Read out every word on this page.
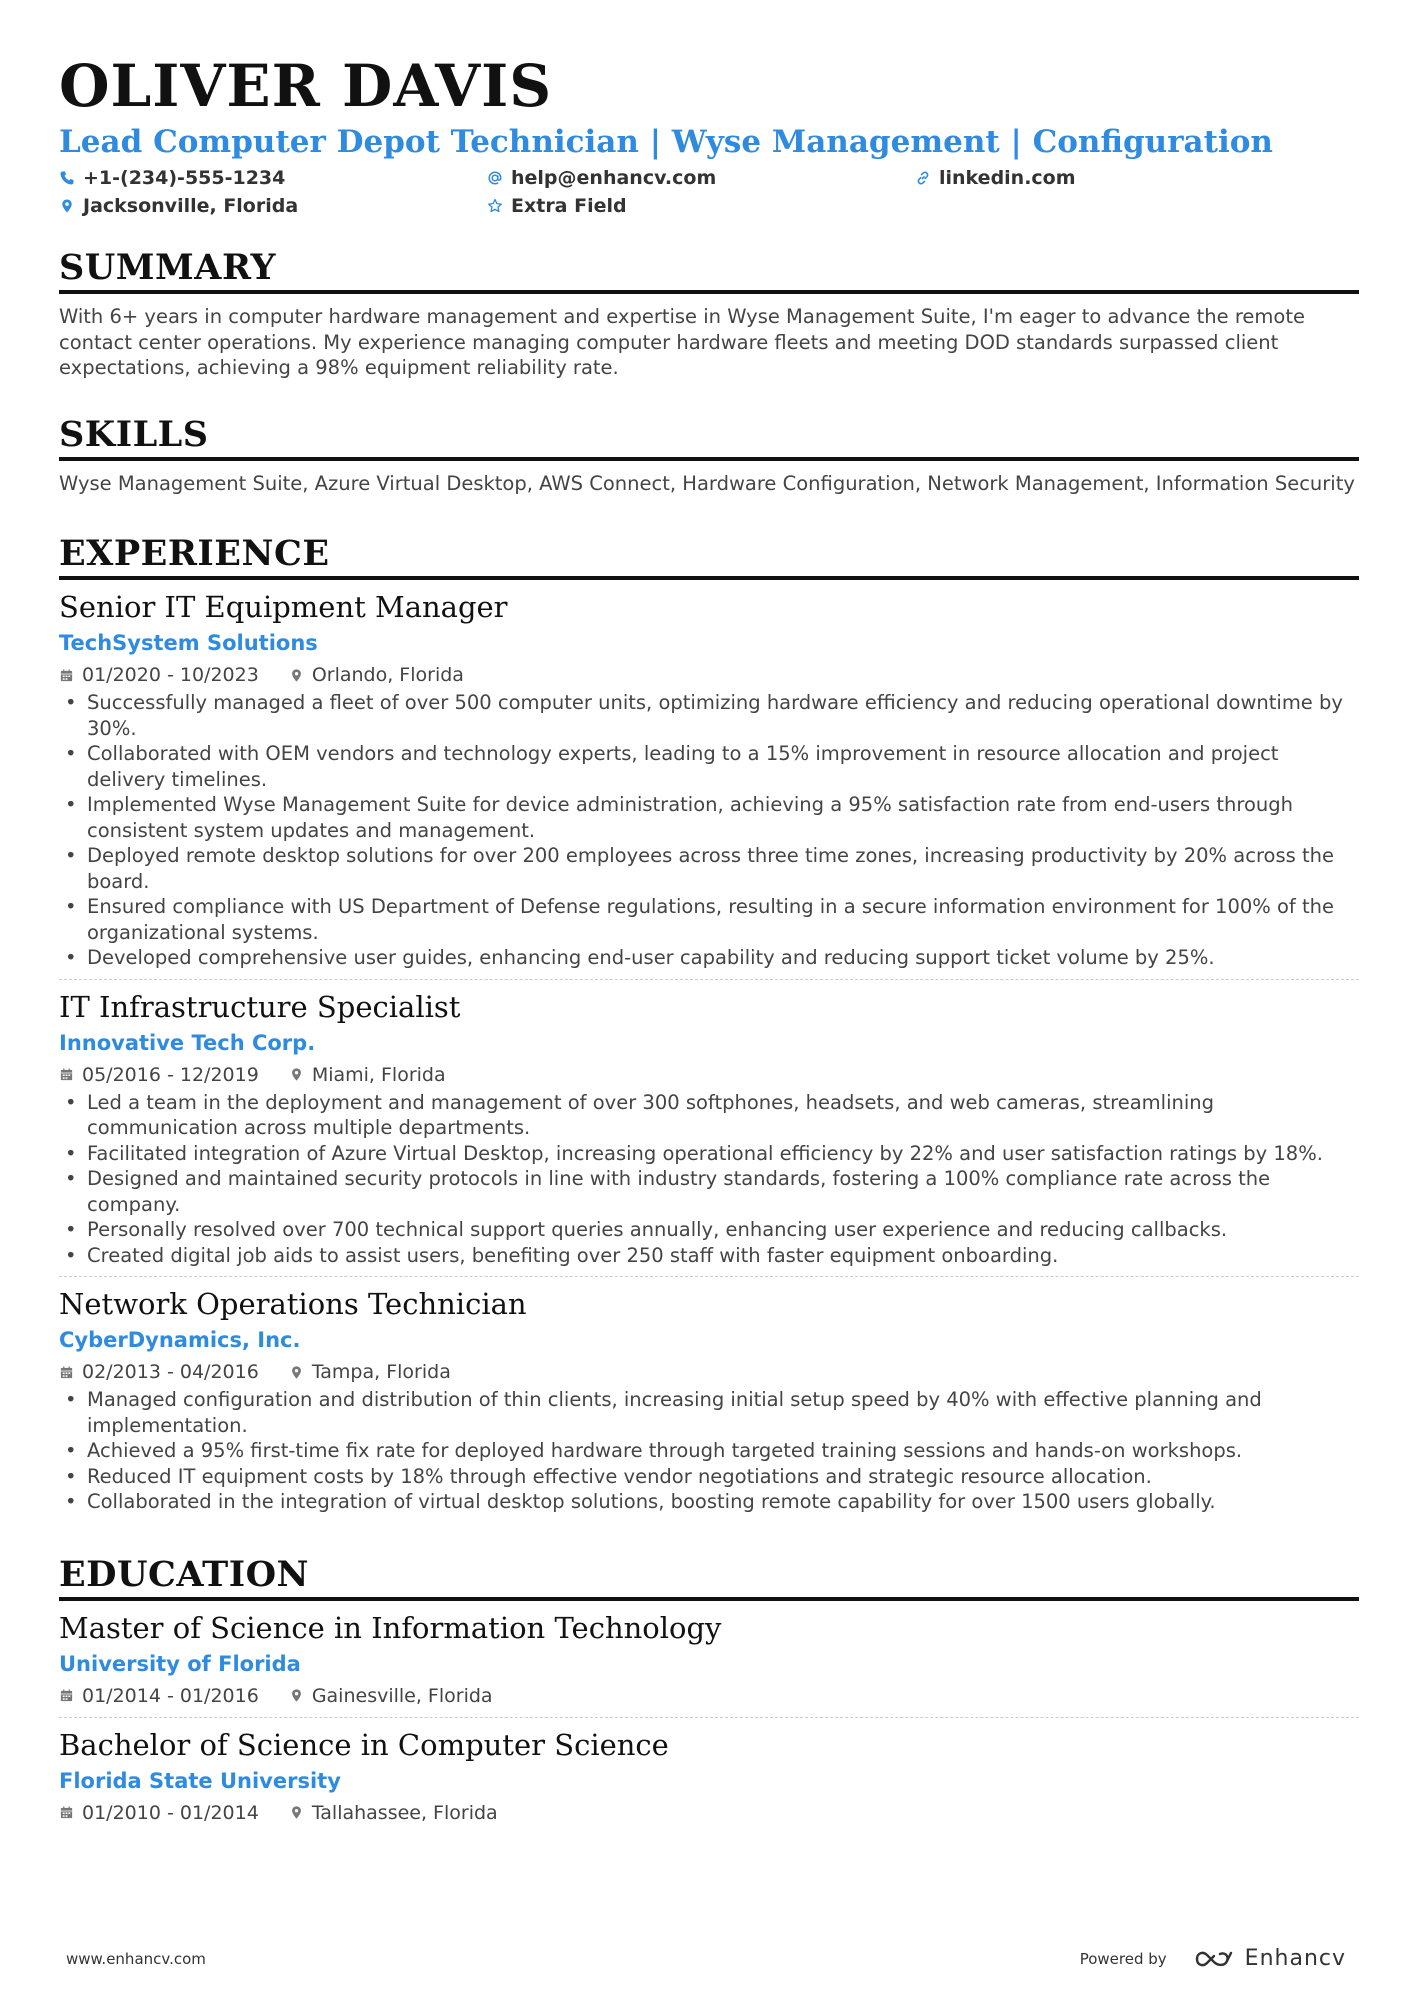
OLIVER DAVIS
Lead Computer Depot Technician | Wyse Management | Configuration
+1-(234)-555-1234	help@enhancv.com	linkedin.com
Jacksonville, Florida	Extra Field
SUMMARY
With 6+ years in computer hardware management and expertise in Wyse Management Suite, I'm eager to advance the remote contact center operations. My experience managing computer hardware fleets and meeting DOD standards surpassed client expectations, achieving a 98% equipment reliability rate.
SKILLS
Wyse Management Suite, Azure Virtual Desktop, AWS Connect, Hardware Configuration, Network Management, Information Security
EXPERIENCE
Senior IT Equipment Manager
TechSystem Solutions
01/2020 - 10/2023	Orlando, Florida
• Successfully managed a fleet of over 500 computer units, optimizing hardware efficiency and reducing operational downtime by 30%.
• Collaborated with OEM vendors and technology experts, leading to a 15% improvement in resource allocation and project delivery timelines.
• Implemented Wyse Management Suite for device administration, achieving a 95% satisfaction rate from end-users through consistent system updates and management.
• Deployed remote desktop solutions for over 200 employees across three time zones, increasing productivity by 20% across the board.
• Ensured compliance with US Department of Defense regulations, resulting in a secure information environment for 100% of the organizational systems.
• Developed comprehensive user guides, enhancing end-user capability and reducing support ticket volume by 25%.
IT Infrastructure Specialist
Innovative Tech Corp.
05/2016 - 12/2019	Miami, Florida
• Led a team in the deployment and management of over 300 softphones, headsets, and web cameras, streamlining communication across multiple departments.
• Facilitated integration of Azure Virtual Desktop, increasing operational efficiency by 22% and user satisfaction ratings by 18%.
• Designed and maintained security protocols in line with industry standards, fostering a 100% compliance rate across the company.
• Personally resolved over 700 technical support queries annually, enhancing user experience and reducing callbacks.
• Created digital job aids to assist users, benefiting over 250 staff with faster equipment onboarding.
Network Operations Technician
CyberDynamics, Inc.
02/2013 - 04/2016	Tampa, Florida
• Managed configuration and distribution of thin clients, increasing initial setup speed by 40% with effective planning and implementation.
• Achieved a 95% first-time fix rate for deployed hardware through targeted training sessions and hands-on workshops.
• Reduced IT equipment costs by 18% through effective vendor negotiations and strategic resource allocation.
• Collaborated in the integration of virtual desktop solutions, boosting remote capability for over 1500 users globally.
EDUCATION
Master of Science in Information Technology
University of Florida
01/2014 - 01/2016	Gainesville, Florida
Bachelor of Science in Computer Science
Florida State University
01/2010 - 01/2014	Tallahassee, Florida
www.enhancv.com	Powered by	Enhancv
